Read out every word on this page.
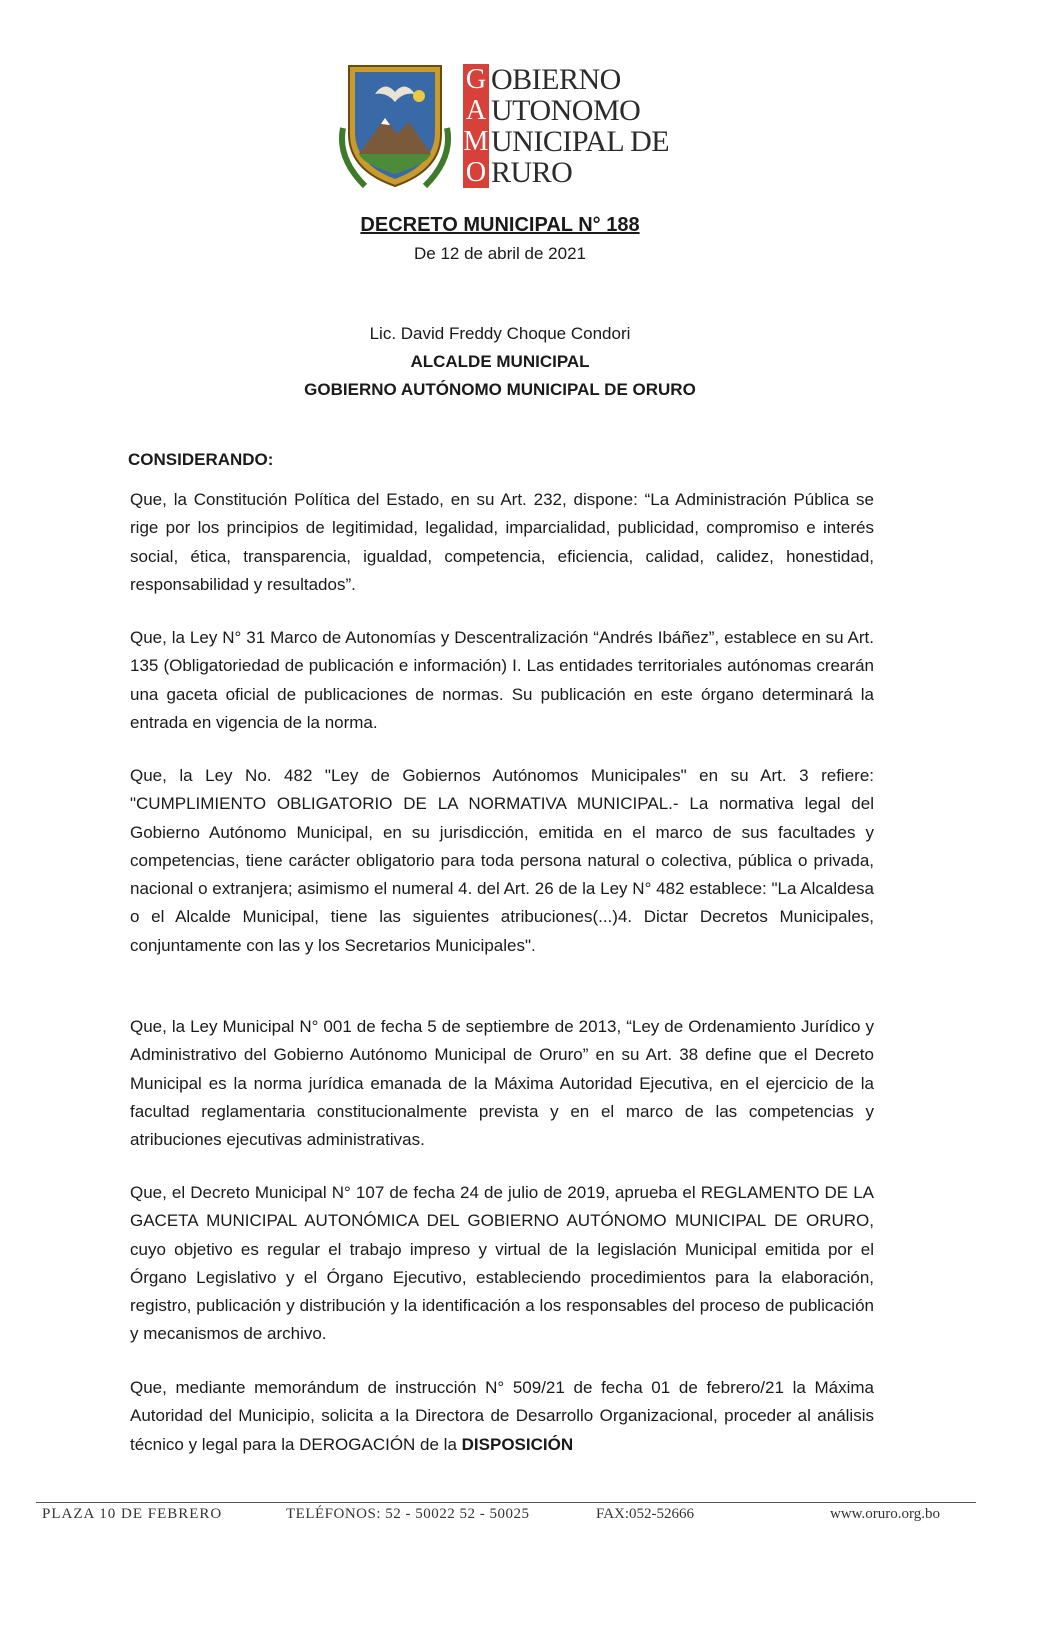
G OBIERNO
A UTONOMO
M UNICIPAL DE
O RURO
DECRETO MUNICIPAL N° 188
De 12 de abril de 2021
Lic. David Freddy Choque Condori
ALCALDE MUNICIPAL
GOBIERNO AUTÓNOMO MUNICIPAL DE ORURO
CONSIDERANDO:

Que, la Constitución Política del Estado, en su Art. 232, dispone: “La Administración Pública se rige por los principios de legitimidad, legalidad, imparcialidad, publicidad, compromiso e interés social, ética, transparencia, igualdad, competencia, eficiencia, calidad, calidez, honestidad, responsabilidad y resultados”.

Que, la Ley N° 31 Marco de Autonomías y Descentralización “Andrés Ibáñez”, establece en su Art. 135 (Obligatoriedad de publicación e información) I. Las entidades territoriales autónomas crearán una gaceta oficial de publicaciones de normas. Su publicación en este órgano determinará la entrada en vigencia de la norma.

Que, la Ley No. 482 "Ley de Gobiernos Autónomos Municipales" en su Art. 3 refiere: "CUMPLIMIENTO OBLIGATORIO DE LA NORMATIVA MUNICIPAL.- La normativa legal del Gobierno Autónomo Municipal, en su jurisdicción, emitida en el marco de sus facultades y competencias, tiene carácter obligatorio para toda persona natural o colectiva, pública o privada, nacional o extranjera; asimismo el numeral 4. del Art. 26 de la Ley N° 482 establece: "La Alcaldesa o el Alcalde Municipal, tiene las siguientes atribuciones(...)4. Dictar Decretos Municipales, conjuntamente con las y los Secretarios Municipales".

Que, la Ley Municipal N° 001 de fecha 5 de septiembre de 2013, “Ley de Ordenamiento Jurídico y Administrativo del Gobierno Autónomo Municipal de Oruro” en su Art. 38 define que el Decreto Municipal es la norma jurídica emanada de la Máxima Autoridad Ejecutiva, en el ejercicio de la facultad reglamentaria constitucionalmente prevista y en el marco de las competencias y atribuciones ejecutivas administrativas.

Que, el Decreto Municipal N° 107 de fecha 24 de julio de 2019, aprueba el REGLAMENTO DE LA GACETA MUNICIPAL AUTONÓMICA DEL GOBIERNO AUTÓNOMO MUNICIPAL DE ORURO, cuyo objetivo es regular el trabajo impreso y virtual de la legislación Municipal emitida por el Órgano Legislativo y el Órgano Ejecutivo, estableciendo procedimientos para la elaboración, registro, publicación y distribución y la identificación a los responsables del proceso de publicación y mecanismos de archivo.

Que, mediante memorándum de instrucción N° 509/21 de fecha 01 de febrero/21 la Máxima Autoridad del Municipio, solicita a la Directora de Desarrollo Organizacional, proceder al análisis técnico y legal para la DEROGACIÓN de la DISPOSICIÓN

PLAZA 10 DE FEBRERO	TELÉFONOS: 52 - 50022 52 - 50025	FAX:052-52666	www.oruro.org.bo
